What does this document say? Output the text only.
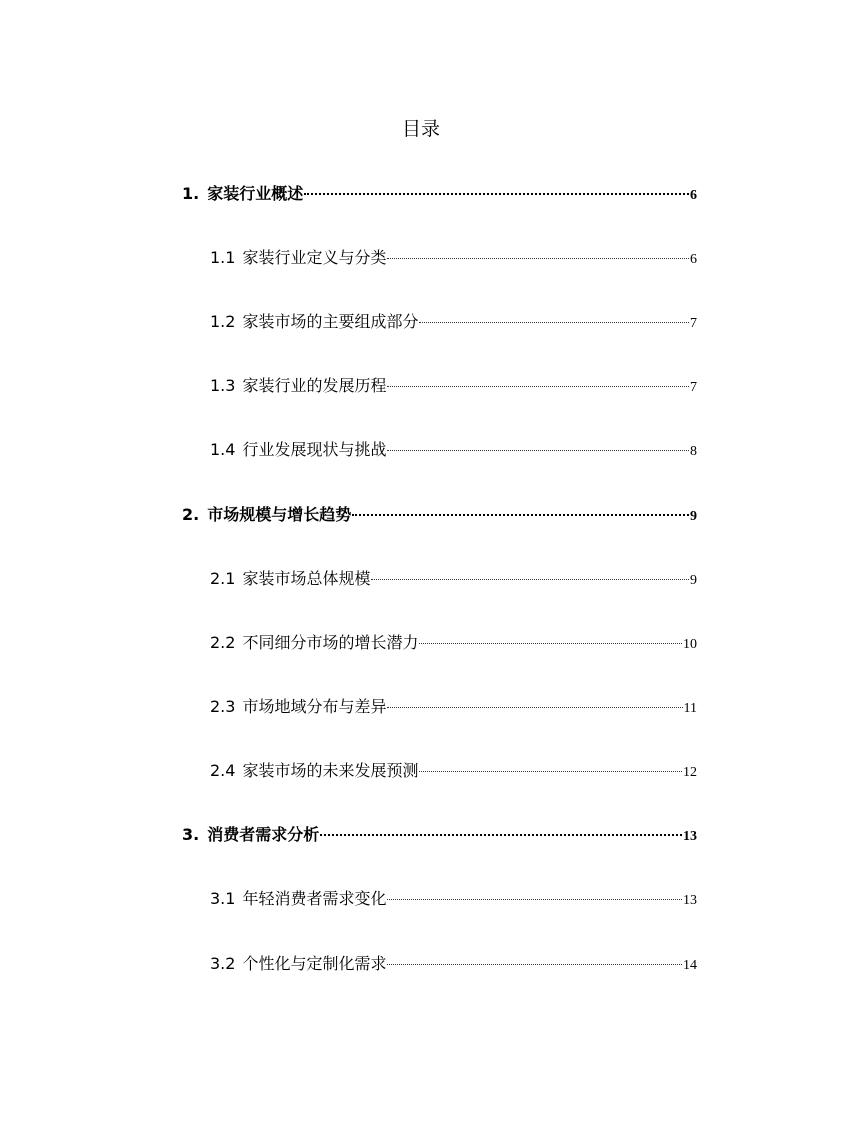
目录
1. 家装行业概述	6
1.1 家装行业定义与分类	6
1.2 家装市场的主要组成部分	7
1.3 家装行业的发展历程	7
1.4 行业发展现状与挑战	8
2. 市场规模与增长趋势	9
2.1 家装市场总体规模	9
2.2 不同细分市场的增长潜力	10
2.3 市场地域分布与差异	11
2.4 家装市场的未来发展预测	12
3. 消费者需求分析	13
3.1 年轻消费者需求变化	13
3.2 个性化与定制化需求	14
